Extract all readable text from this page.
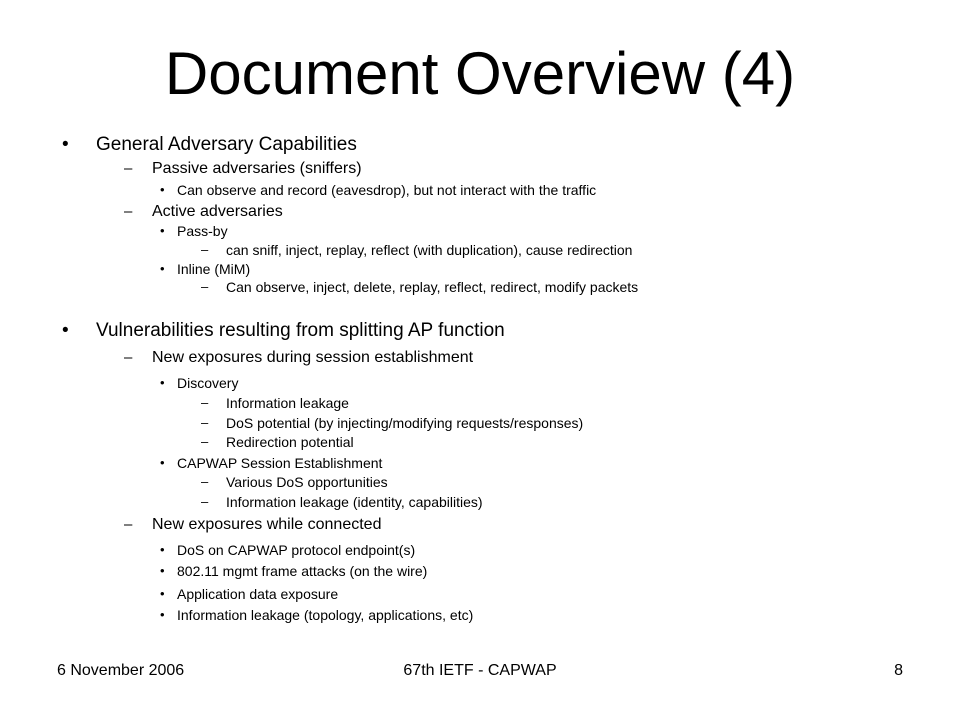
Document Overview (4)
• General Adversary Capabilities
– Passive adversaries (sniffers)
• Can observe and record (eavesdrop), but not interact with the traffic
– Active adversaries
• Pass-by
– can sniff, inject, replay, reflect (with duplication), cause redirection
• Inline (MiM)
– Can observe, inject, delete, replay, reflect, redirect, modify packets
• Vulnerabilities resulting from splitting AP function
– New exposures during session establishment
• Discovery
– Information leakage
– DoS potential (by injecting/modifying requests/responses)
– Redirection potential
• CAPWAP Session Establishment
– Various DoS opportunities
– Information leakage (identity, capabilities)
– New exposures while connected
• DoS on CAPWAP protocol endpoint(s)
• 802.11 mgmt frame attacks (on the wire)
• Application data exposure
• Information leakage (topology, applications, etc)
6 November 2006	67th IETF - CAPWAP	8
